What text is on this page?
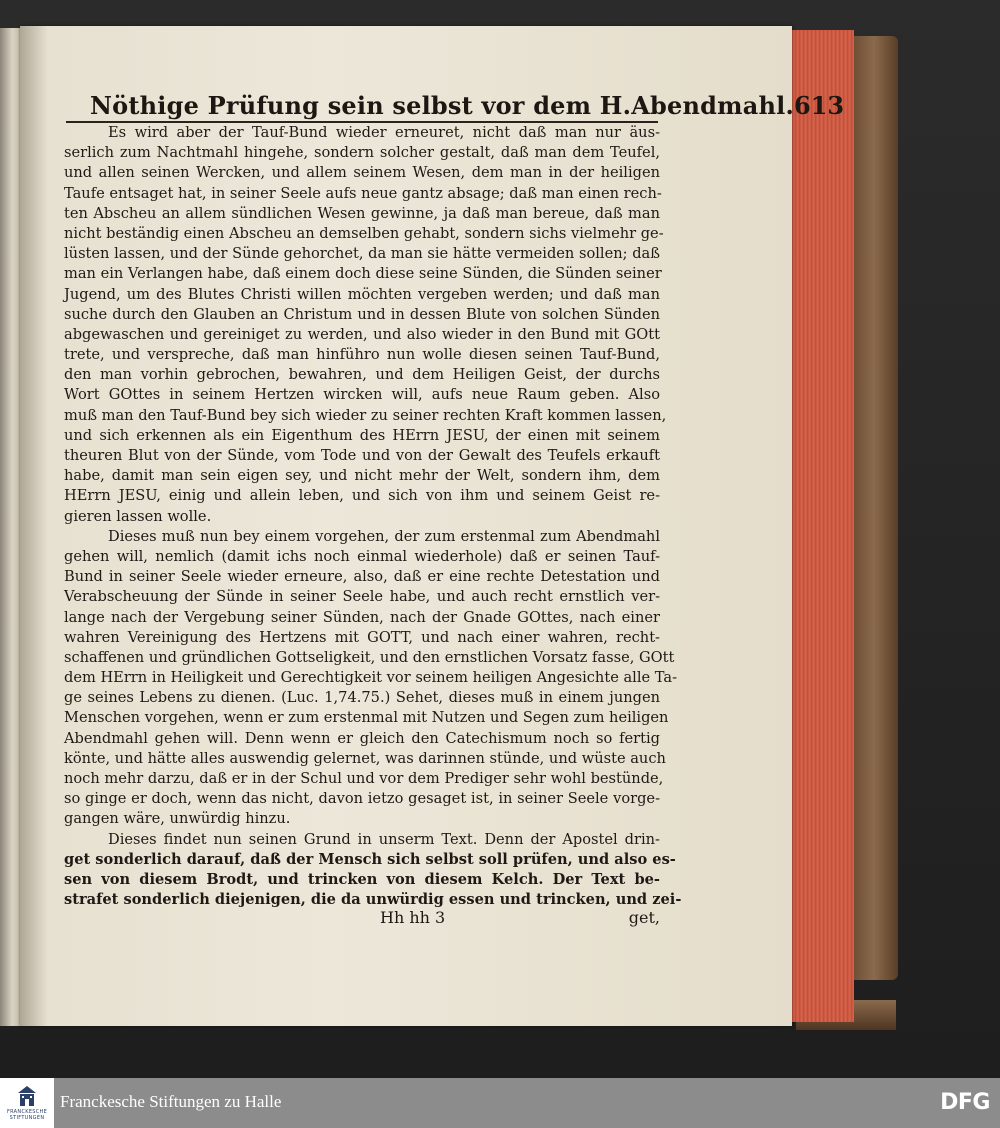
Nöthige Prüfung sein selbst vor dem H.Abendmahl. 613
Es wird aber der Tauf-Bund wieder erneuret, nicht daß man nur äus-
serlich zum Nachtmahl hingehe, sondern solcher gestalt, daß man dem Teufel,
und allen seinen Wercken, und allem seinem Wesen, dem man in der heiligen
Taufe entsaget hat, in seiner Seele aufs neue gantz absage; daß man einen rech-
ten Abscheu an allem sündlichen Wesen gewinne, ja daß man bereue, daß man
nicht beständig einen Abscheu an demselben gehabt, sondern sichs vielmehr ge-
lüsten lassen, und der Sünde gehorchet, da man sie hätte vermeiden sollen; daß
man ein Verlangen habe, daß einem doch diese seine Sünden, die Sünden seiner
Jugend, um des Blutes Christi willen möchten vergeben werden; und daß man
suche durch den Glauben an Christum und in dessen Blute von solchen Sünden
abgewaschen und gereiniget zu werden, und also wieder in den Bund mit GOtt
trete, und verspreche, daß man hinführo nun wolle diesen seinen Tauf-Bund,
den man vorhin gebrochen, bewahren, und dem Heiligen Geist, der durchs
Wort GOttes in seinem Hertzen wircken will, aufs neue Raum geben. Also
muß man den Tauf-Bund bey sich wieder zu seiner rechten Kraft kommen lassen,
und sich erkennen als ein Eigenthum des HErrn JESU, der einen mit seinem
theuren Blut von der Sünde, vom Tode und von der Gewalt des Teufels erkauft
habe, damit man sein eigen sey, und nicht mehr der Welt, sondern ihm, dem
HErrn JESU, einig und allein leben, und sich von ihm und seinem Geist re-
gieren lassen wolle.
Dieses muß nun bey einem vorgehen, der zum erstenmal zum Abendmahl
gehen will, nemlich (damit ichs noch einmal wiederhole) daß er seinen Tauf-
Bund in seiner Seele wieder erneure, also, daß er eine rechte Detestation und
Verabscheuung der Sünde in seiner Seele habe, und auch recht ernstlich ver-
lange nach der Vergebung seiner Sünden, nach der Gnade GOttes, nach einer
wahren Vereinigung des Hertzens mit GOTT, und nach einer wahren, recht-
schaffenen und gründlichen Gottseligkeit, und den ernstlichen Vorsatz fasse, GOtt
dem HErrn in Heiligkeit und Gerechtigkeit vor seinem heiligen Angesichte alle Ta-
ge seines Lebens zu dienen. (Luc. 1,74.75.) Sehet, dieses muß in einem jungen
Menschen vorgehen, wenn er zum erstenmal mit Nutzen und Segen zum heiligen
Abendmahl gehen will. Denn wenn er gleich den Catechismum noch so fertig
könte, und hätte alles auswendig gelernet, was darinnen stünde, und wüste auch
noch mehr darzu, daß er in der Schul und vor dem Prediger sehr wohl bestünde,
so ginge er doch, wenn das nicht, davon ietzo gesaget ist, in seiner Seele vorge-
gangen wäre, unwürdig hinzu.
Dieses findet nun seinen Grund in unserm Text. Denn der Apostel drin-
get sonderlich darauf, daß der Mensch sich selbst soll prüfen, und also es-
sen von diesem Brodt, und trincken von diesem Kelch. Der Text be-
strafet sonderlich diejenigen, die da unwürdig essen und trincken, und zei-
Hh hh 3	get,
FRANCKESCHE STIFTUNGEN
Franckesche Stiftungen zu Halle	DFG
